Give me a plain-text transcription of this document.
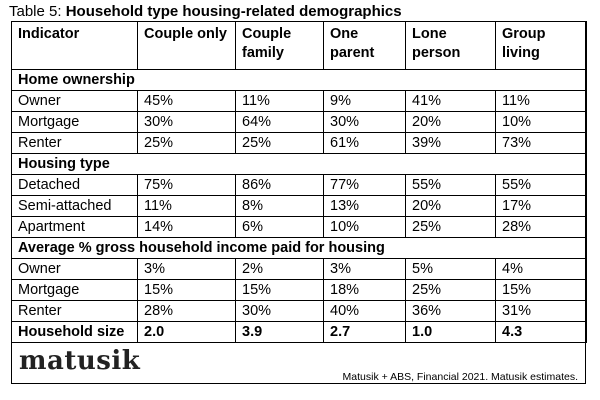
Table 5: Household type housing-related demographics
Indicator	Couple only	Couple family	One parent	Lone person	Group living
Home ownership					
Owner	45%	11%	9%	41%	11%
Mortgage	30%	64%	30%	20%	10%
Renter	25%	25%	61%	39%	73%
Housing type					
Detached	75%	86%	77%	55%	55%
Semi-attached	11%	8%	13%	20%	17%
Apartment	14%	6%	10%	25%	28%
Average % gross household income paid for housing					
Owner	3%	2%	3%	5%	4%
Mortgage	15%	15%	18%	25%	15%
Renter	28%	30%	40%	36%	31%
Household size	2.0	3.9	2.7	1.0	4.3
matusik
Matusik + ABS, Financial 2021. Matusik estimates.
